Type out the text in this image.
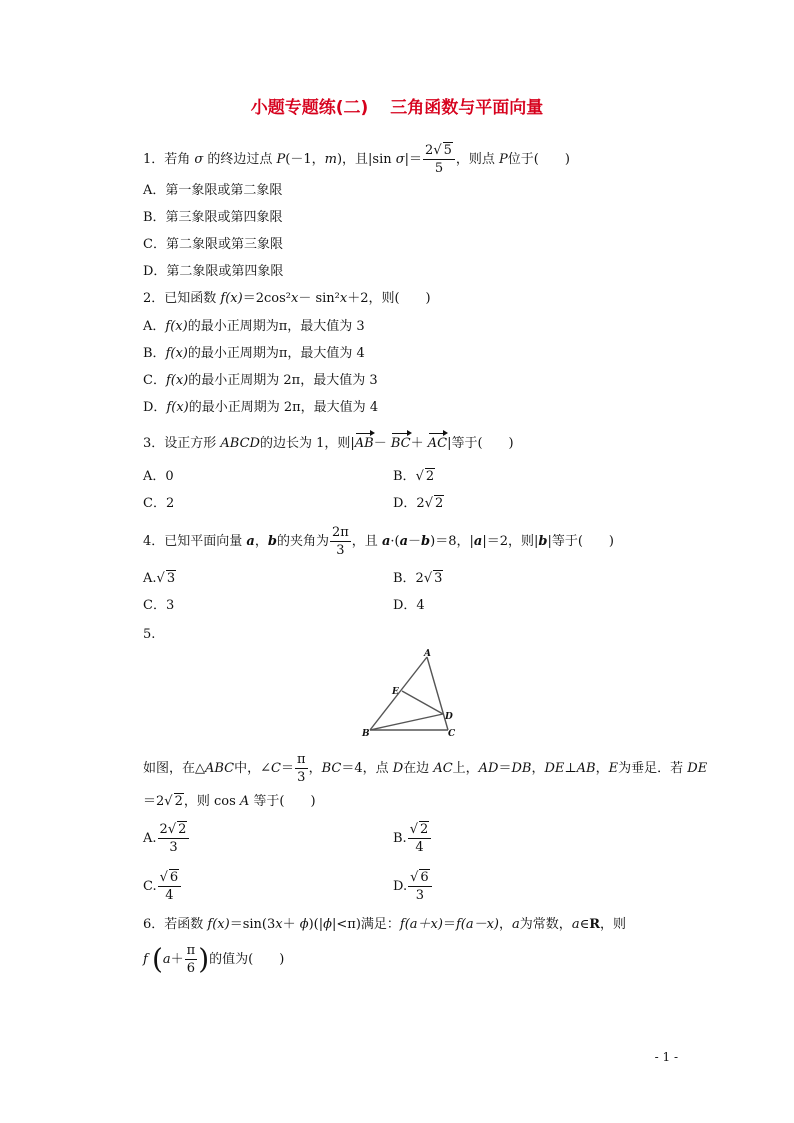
小题专题练(二) 三角函数与平面向量
1．若角 σ 的终边过点 P(－1，m)，且|sin $\sigma|= \frac{2√ 5}{5}$ ，则点 P位于(　　)
A．第一象限或第二象限
B．第三象限或第四象限
C．第二象限或第三象限
D．第二象限或第四象限
2．已知函数 f(x)＝2cos²x－ sin²x＋2，则(　　)
A．f(x)的最小正周期为π，最大值为 3
B．f(x)的最小正周期为π，最大值为 4
C．f(x)的最小正周期为 2π，最大值为 3
D．f(x)的最小正周期为 2π，最大值为 4
3．设正方形 ABCD的边长为 1，则|AB－ BC＋ AC|等于(　　)
A．0	B．√ 2
C．2	D．2√ 2
4．已知平面向量 a，b的夹角为 $\frac{2\pi}{3}$ ，且 a·(a－b)＝8，|a|＝2，则|b|等于(　　)
A.√ 3	B．2√ 3
C．3	D．4
5.
A
B	C
D
E
如图，在△ABC中，∠C＝ $\frac{\pi}{3}$ ，BC＝4，点 D在边 AC上，AD＝DB，DE⊥AB，E为垂足．若 DE
＝2√ 2，则 cos A 等于(　　)
A. $\frac{2√ 2}{3}$	B. $\frac{√ 2}{4}$
C. $\frac{√ 6}{4}$	D. $\frac{√ 6}{3}$
6．若函数 f(x)＝sin(3x＋ ϕ)(|ϕ|<π)满足：f(a＋x)＝f(a－x)，a为常数，a∈R，则
f ($a+ \frac{\pi}{6}$ )的值为(　　)
- 1 -
